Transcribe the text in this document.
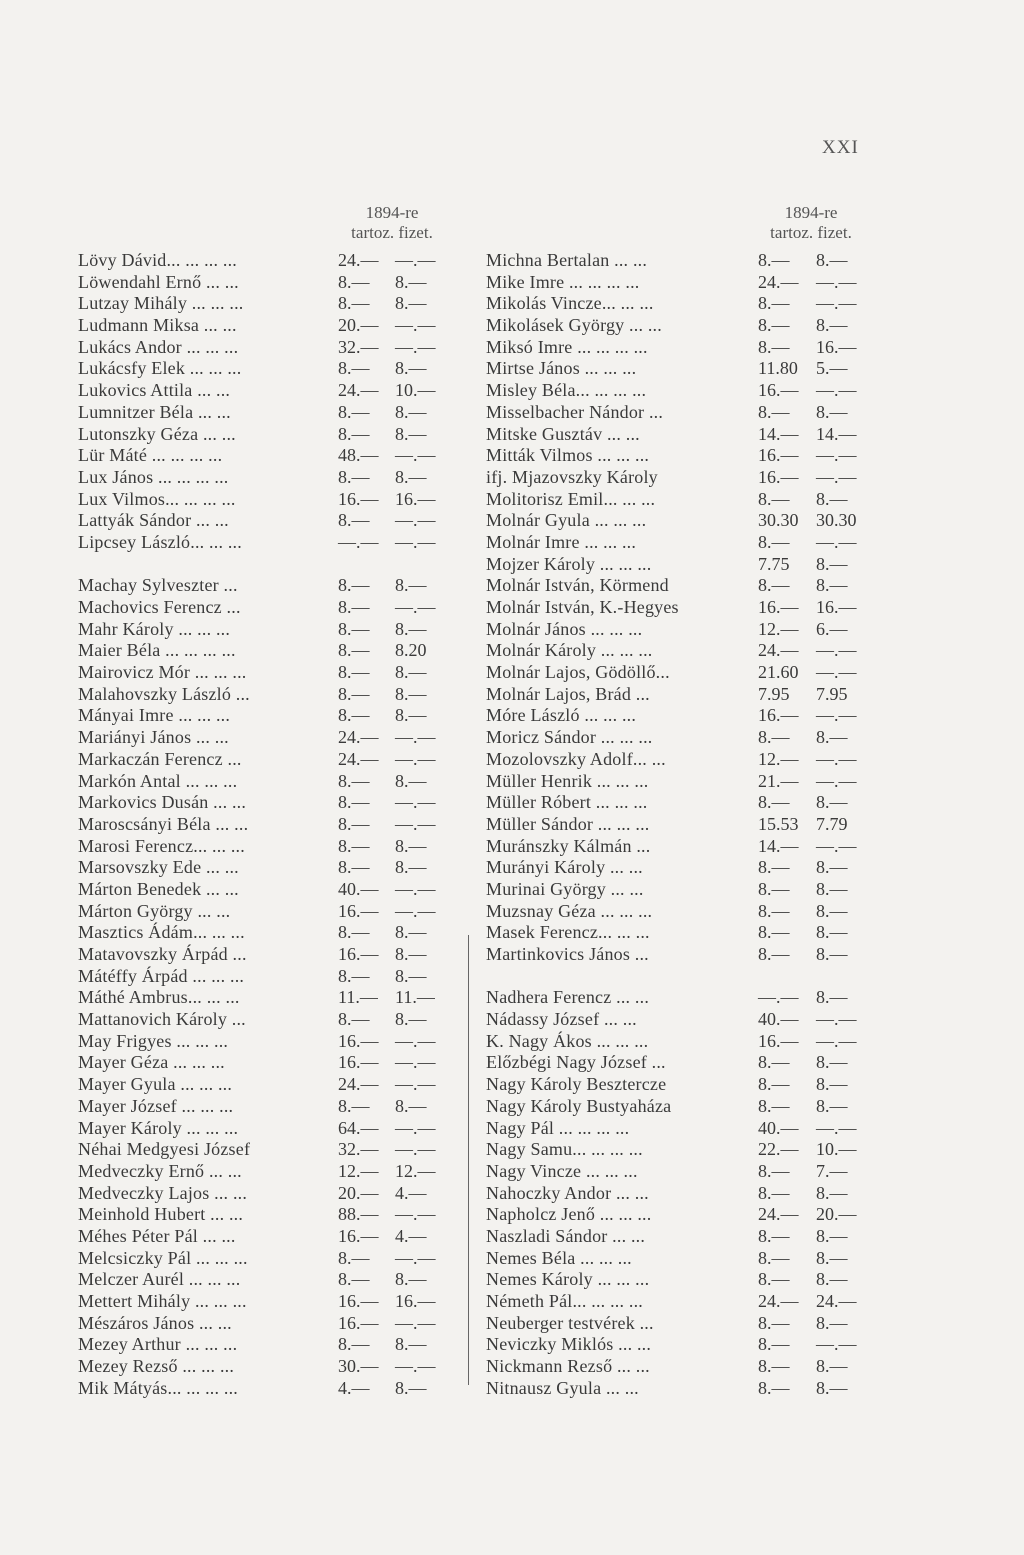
XXI
1894-re
tartoz. fizet.
Lövy Dávid... ... ... ...	24.— —.—
Löwendahl Ernő ... ...	8.— 8.—
Lutzay Mihály ... ... ...	8.— 8.—
Ludmann Miksa ... ...	20.— —.—
Lukács Andor ... ... ...	32.— —.—
Lukácsfy Elek ... ... ...	8.— 8.—
Lukovics Attila ... ...	24.— 10.—
Lumnitzer Béla ... ...	8.— 8.—
Lutonszky Géza ... ...	8.— 8.—
Lür Máté ... ... ... ...	48.— —.—
Lux János ... ... ... ...	8.— 8.—
Lux Vilmos... ... ... ...	16.— 16.—
Lattyák Sándor ... ...	8.— —.—
Lipcsey László... ... ...	—.— —.—
Machay Sylveszter ...	8.— 8.—
Machovics Ferencz ...	8.— —.—
Mahr Károly ... ... ...	8.— 8.—
Maier Béla ... ... ... ...	8.— 8.20
Mairovicz Mór ... ... ...	8.— 8.—
Malahovszky László ...	8.— 8.—
Mányai Imre ... ... ...	8.— 8.—
Mariányi János ... ...	24.— —.—
Markaczán Ferencz ...	24.— —.—
Markón Antal ... ... ...	8.— 8.—
Markovics Dusán ... ...	8.— —.—
Maroscsányi Béla ... ...	8.— —.—
Marosi Ferencz... ... ...	8.— 8.—
Marsovszky Ede ... ...	8.— 8.—
Márton Benedek ... ...	40.— —.—
Márton György ... ...	16.— —.—
Masztics Ádám... ... ...	8.— 8.—
Matavovszky Árpád ...	16.— 8.—
Mátéffy Árpád ... ... ...	8.— 8.—
Máthé Ambrus... ... ...	11.— 11.—
Mattanovich Károly ...	8.— 8.—
May Frigyes ... ... ...	16.— —.—
Mayer Géza ... ... ...	16.— —.—
Mayer Gyula ... ... ...	24.— —.—
Mayer József ... ... ...	8.— 8.—
Mayer Károly ... ... ...	64.— —.—
Néhai Medgyesi József	32.— —.—
Medveczky Ernő ... ...	12.— 12.—
Medveczky Lajos ... ...	20.— 4.—
Meinhold Hubert ... ...	88.— —.—
Méhes Péter Pál ... ...	16.— 4.—
Melcsiczky Pál ... ... ...	8.— —.—
Melczer Aurél ... ... ...	8.— 8.—
Mettert Mihály ... ... ...	16.— 16.—
Mészáros János ... ...	16.— —.—
Mezey Arthur ... ... ...	8.— 8.—
Mezey Rezső ... ... ...	30.— —.—
Mik Mátyás... ... ... ...	4.— 8.—
1894-re
tartoz. fizet.
Michna Bertalan ... ...	8.— 8.—
Mike Imre ... ... ... ...	24.— —.—
Mikolás Vincze... ... ...	8.— —.—
Mikolásek György ... ...	8.— 8.—
Miksó Imre ... ... ... ...	8.— 16.—
Mirtse János ... ... ...	11.80 5.—
Misley Béla... ... ... ...	16.— —.—
Misselbacher Nándor ...	8.— 8.—
Mitske Gusztáv ... ...	14.— 14.—
Mitták Vilmos ... ... ...	16.— —.—
ifj. Mjazovszky Károly	16.— —.—
Molitorisz Emil... ... ...	8.— 8.—
Molnár Gyula ... ... ...	30.30 30.30
Molnár Imre ... ... ...	8.— —.—
Mojzer Károly ... ... ...	7.75 8.—
Molnár István, Körmend	8.— 8.—
Molnár István, K.-Hegyes	16.— 16.—
Molnár János ... ... ...	12.— 6.—
Molnár Károly ... ... ...	24.— —.—
Molnár Lajos, Gödöllő...	21.60 —.—
Molnár Lajos, Brád ...	7.95 7.95
Móre László ... ... ...	16.— —.—
Moricz Sándor ... ... ...	8.— 8.—
Mozolovszky Adolf... ...	12.— —.—
Müller Henrik ... ... ...	21.— —.—
Müller Róbert ... ... ...	8.— 8.—
Müller Sándor ... ... ...	15.53 7.79
Muránszky Kálmán ...	14.— —.—
Murányi Károly ... ...	8.— 8.—
Murinai György ... ...	8.— 8.—
Muzsnay Géza ... ... ...	8.— 8.—
Masek Ferencz... ... ...	8.— 8.—
Martinkovics János ...	8.— 8.—
Nadhera Ferencz ... ...	—.— 8.—
Nádassy József ... ...	40.— —.—
K. Nagy Ákos ... ... ...	16.— —.—
Előzbégi Nagy József ...	8.— 8.—
Nagy Károly Besztercze	8.— 8.—
Nagy Károly Bustyaháza	8.— 8.—
Nagy Pál ... ... ... ...	40.— —.—
Nagy Samu... ... ... ...	22.— 10.—
Nagy Vincze ... ... ...	8.— 7.—
Nahoczky Andor ... ...	8.— 8.—
Napholcz Jenő ... ... ...	24.— 20.—
Naszladi Sándor ... ...	8.— 8.—
Nemes Béla ... ... ...	8.— 8.—
Nemes Károly ... ... ...	8.— 8.—
Németh Pál... ... ... ...	24.— 24.—
Neuberger testvérek ...	8.— 8.—
Neviczky Miklós ... ...	8.— —.—
Nickmann Rezső ... ...	8.— 8.—
Nitnausz Gyula ... ...	8.— 8.—
